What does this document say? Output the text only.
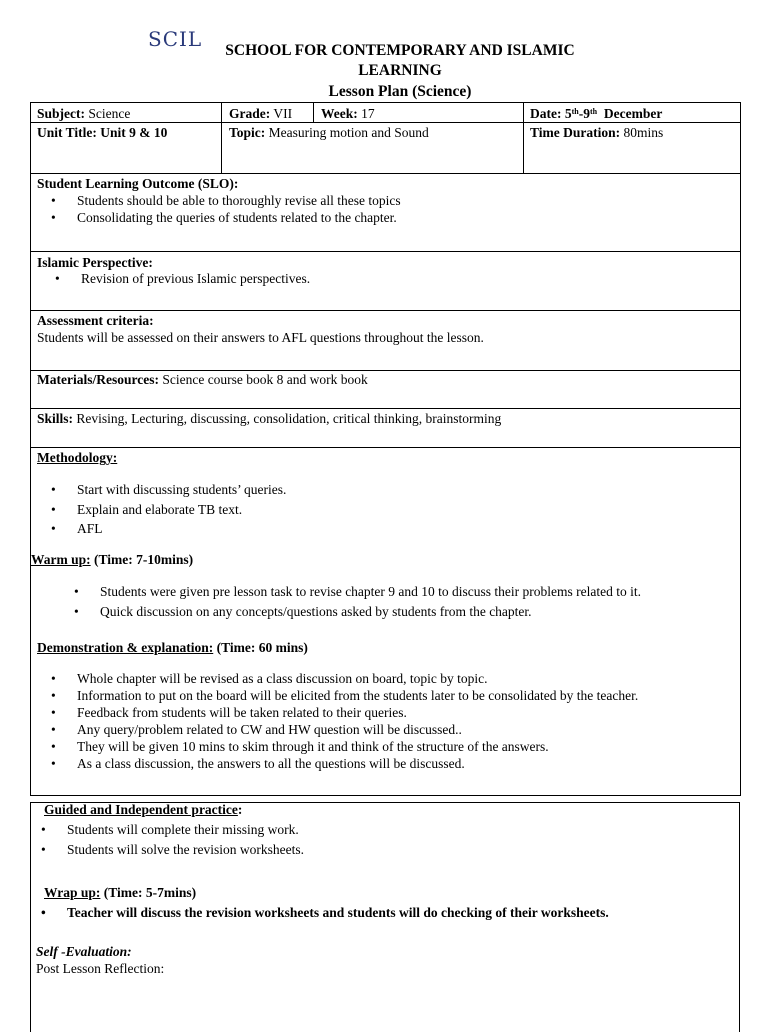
SCIL	SCHOOL FOR CONTEMPORARY AND ISLAMIC
LEARNING
Lesson Plan (Science)
Subject: Science	Grade: VII Week: 17	Date: 5th-9th December
Unit Title: Unit 9 & 10	Topic: Measuring motion and Sound	Time Duration: 80mins
Student Learning Outcome (SLO):
• Students should be able to thoroughly revise all these topics
• Consolidating the queries of students related to the chapter.
Islamic Perspective:
• Revision of previous Islamic perspectives.
Assessment criteria:
Students will be assessed on their answers to AFL questions throughout the lesson.
Materials/Resources: Science course book 8 and work book
Skills: Revising, Lecturing, discussing, consolidation, critical thinking, brainstorming
Methodology:
• Start with discussing students’ queries.
• Explain and elaborate TB text.
• AFL
Warm up: (Time: 7-10mins)
• Students were given pre lesson task to revise chapter 9 and 10 to discuss their problems related to it.
• Quick discussion on any concepts/questions asked by students from the chapter.
Demonstration & explanation: (Time: 60 mins)
• Whole chapter will be revised as a class discussion on board, topic by topic.
• Information to put on the board will be elicited from the students later to be consolidated by the teacher.
• Feedback from students will be taken related to their queries.
• Any query/problem related to CW and HW question will be discussed..
• They will be given 10 mins to skim through it and think of the structure of the answers.
• As a class discussion, the answers to all the questions will be discussed.
Guided and Independent practice:
• Students will complete their missing work.
• Students will solve the revision worksheets.
Wrap up: (Time: 5-7mins)
• Teacher will discuss the revision worksheets and students will do checking of their worksheets.
Self -Evaluation:
Post Lesson Reflection:
